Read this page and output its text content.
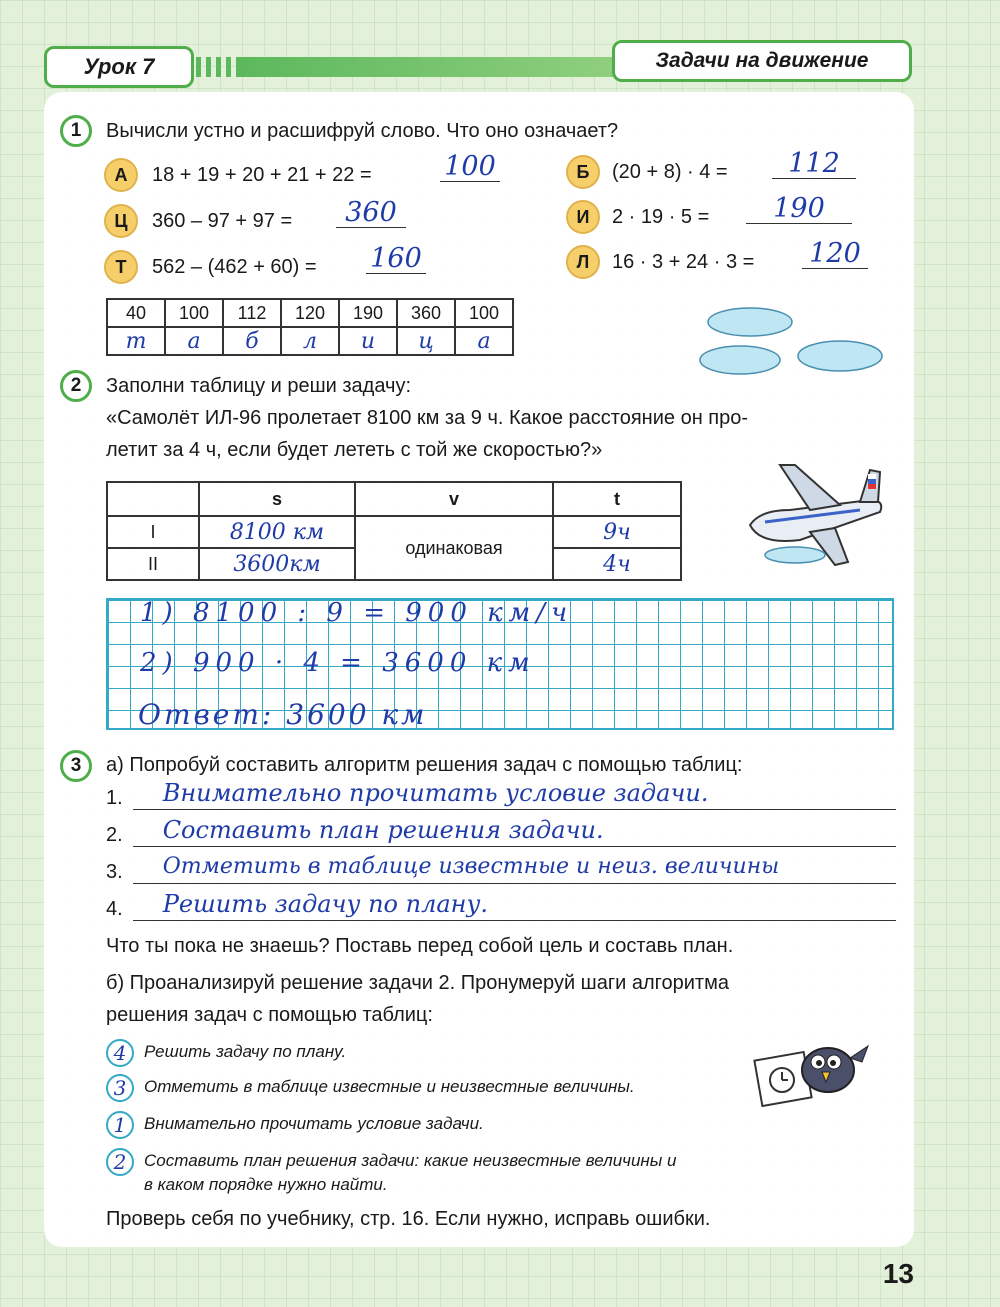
Урок 7	Задачи на движение
1	Вычисли устно и расшифруй слово. Что оно означает?
А	18 + 19 + 20 + 21 + 22 =	100
Ц	360 – 97 + 97 =	360
Т	562 – (462 + 60) = 160
Б	(20 + 8) · 4 =	112
И	2 · 19 · 5 =	190
Л	16 · 3 + 24 · 3 = 120
40	100	112	120	190	360	100
т	а	б	л	и	ц	а
2	Заполни таблицу и реши задачу:
«Самолёт ИЛ-96 пролетает 8100 км за 9 ч. Какое расстояние он про-
летит за 4 ч, если будет лететь с той же скоростью?»
	s	v	t
I	8100 км	одинаковая	9ч
II	3600км		4ч
1) 8100 : 9 = 900 км/ч
2) 900 · 4 = 3600 км
Ответ: 3600 км
3	а) Попробуй составить алгоритм решения задач с помощью таблиц:
1.	Внимательно прочитать условие задачи.
2.	Составить план решения задачи.
3.	Отметить в таблице известные и неиз. величины
4.	Решить задачу по плану.
Что ты пока не знаешь? Поставь перед собой цель и составь план.
б) Проанализируй решение задачи 2. Пронумеруй шаги алгоритма
решения задач с помощью таблиц:
4	Решить задачу по плану.
3	Отметить в таблице известные и неизвестные величины.
1	Внимательно прочитать условие задачи.
2	Составить план решения задачи: какие неизвестные величины и
в каком порядке нужно найти.
Проверь себя по учебнику, стр. 16. Если нужно, исправь ошибки.
13
